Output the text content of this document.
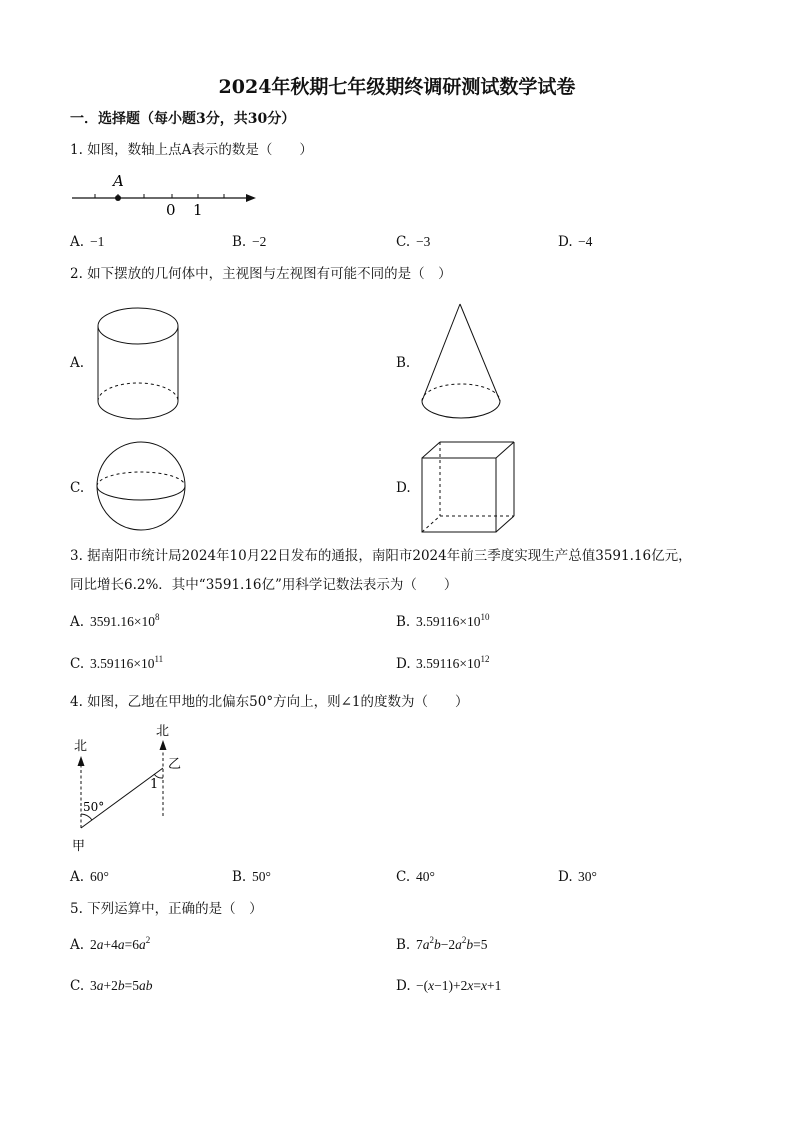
2024年秋期七年级期终调研测试数学试卷
一．选择题（每小题3分，共30分）
1. 如图，数轴上点A表示的数是（　　）
A
0 1
A. −1	B. −2	C. −3	D. −4
2. 如下摆放的几何体中，主视图与左视图有可能不同的是（　）
A.	B.
C.	D.
3. 据南阳市统计局2024年10月22日发布的通报，南阳市2024年前三季度实现生产总值3591.16亿元，
同比增长6.2%．其中“3591.16亿”用科学记数法表示为（　　）
A. $3591.16\times 10^8$	B. $3.59116\times 10^{10}$
C. $3.59116\times 10^{11}$	D. $3.59116\times 10^{12}$
4. 如图，乙地在甲地的北偏东50°方向上，则∠1的度数为（　　）
北
北
50°
1
乙
甲
A. 60°	B. 50°	C. 40°	D. 30°
5. 下列运算中，正确的是（　）
A. $2a+4a=6a^2$	B. $7a^2b-2a^2b=5$
C. 3a+2b=5ab	D. −(x−1)+2x=x+1
